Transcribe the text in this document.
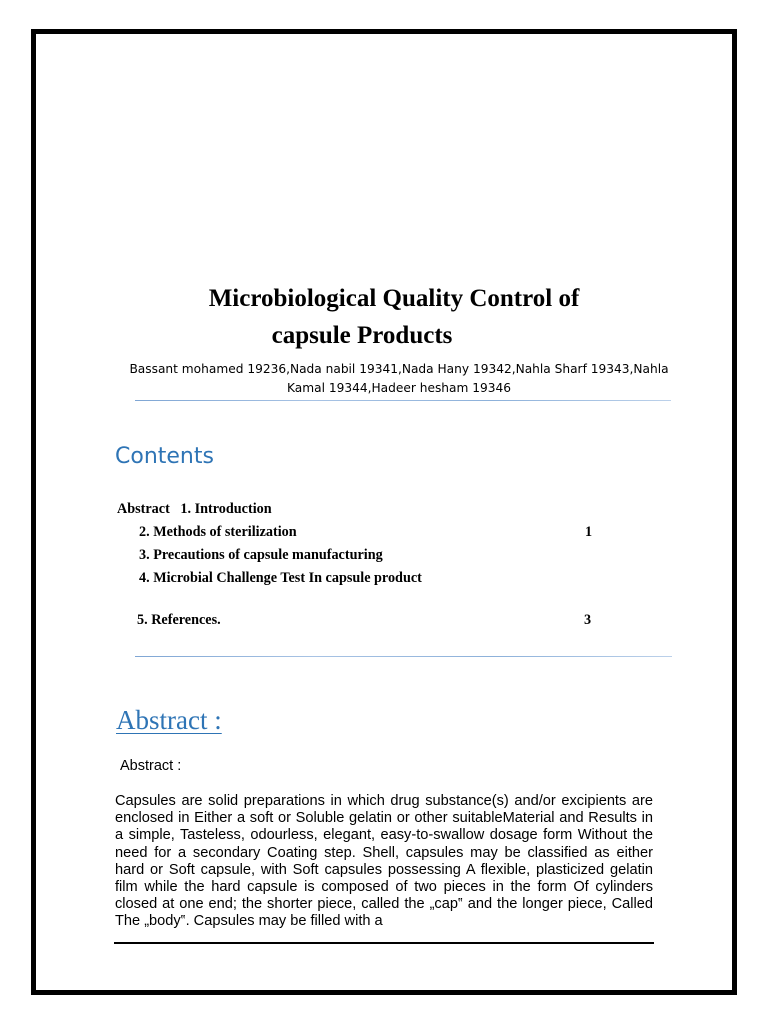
Microbiological Quality Control of
capsule Products
Bassant mohamed 19236,Nada nabil 19341,Nada Hany 19342,Nahla Sharf 19343,Nahla Kamal 19344,Hadeer hesham 19346
Contents
Abstract   1. Introduction
2. Methods of sterilization	1
3. Precautions of capsule manufacturing
4. Microbial Challenge Test In capsule product
5. References.	3
Abstract :
Abstract :

Capsules are solid preparations in which drug substance(s) and/or excipients are enclosed in Either a soft or Soluble gelatin or other suitableMaterial and Results in a simple, Tasteless, odourless, elegant, easy-to-swallow dosage form Without the need for a secondary Coating step. Shell, capsules may be classified as either hard or Soft capsule, with Soft capsules possessing A flexible, plasticized gelatin film while the hard capsule is composed of two pieces in the form Of cylinders closed at one end; the shorter piece, called the „cap‟ and the longer piece, Called The „body‟. Capsules may be filled with a
